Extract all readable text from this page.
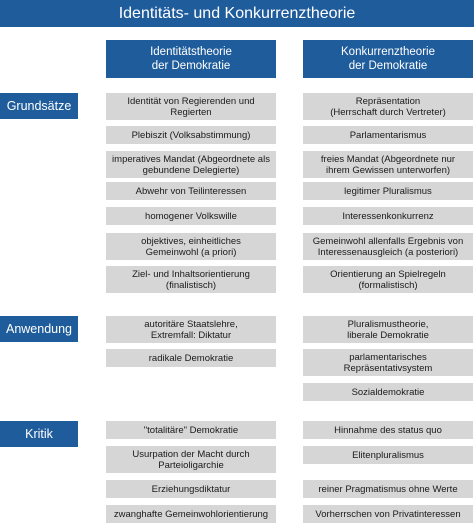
Identitäts- und Konkurrenztheorie
Identitätstheorie
der Demokratie
Konkurrenztheorie
der Demokratie
Grundsätze
Anwendung
Kritik
Identität von Regierenden und
Regierten
Plebiszit (Volksabstimmung)
imperatives Mandat (Abgeordnete als
gebundene Delegierte)
Abwehr von Teilinteressen
homogener Volkswille
objektives, einheitliches
Gemeinwohl (a priori)
Ziel- und Inhaltsorientierung
(finalistisch)
autoritäre Staatslehre,
Extremfall: Diktatur
radikale Demokratie
"totalitäre" Demokratie
Usurpation der Macht durch
Parteioligarchie
Erziehungsdiktatur
zwanghafte Gemeinwohlorientierung
Repräsentation
(Herrschaft durch Vertreter)
Parlamentarismus
freies Mandat (Abgeordnete nur
ihrem Gewissen unterworfen)
legitimer Pluralismus
Interessenkonkurrenz
Gemeinwohl allenfalls Ergebnis von
Interessenausgleich (a posteriori)
Orientierung an Spielregeln
(formalistisch)
Pluralismustheorie,
liberale Demokratie
parlamentarisches
Repräsentativsystem
Sozialdemokratie
Hinnahme des status quo
Elitenpluralismus
reiner Pragmatismus ohne Werte
Vorherrschen von Privatinteressen
